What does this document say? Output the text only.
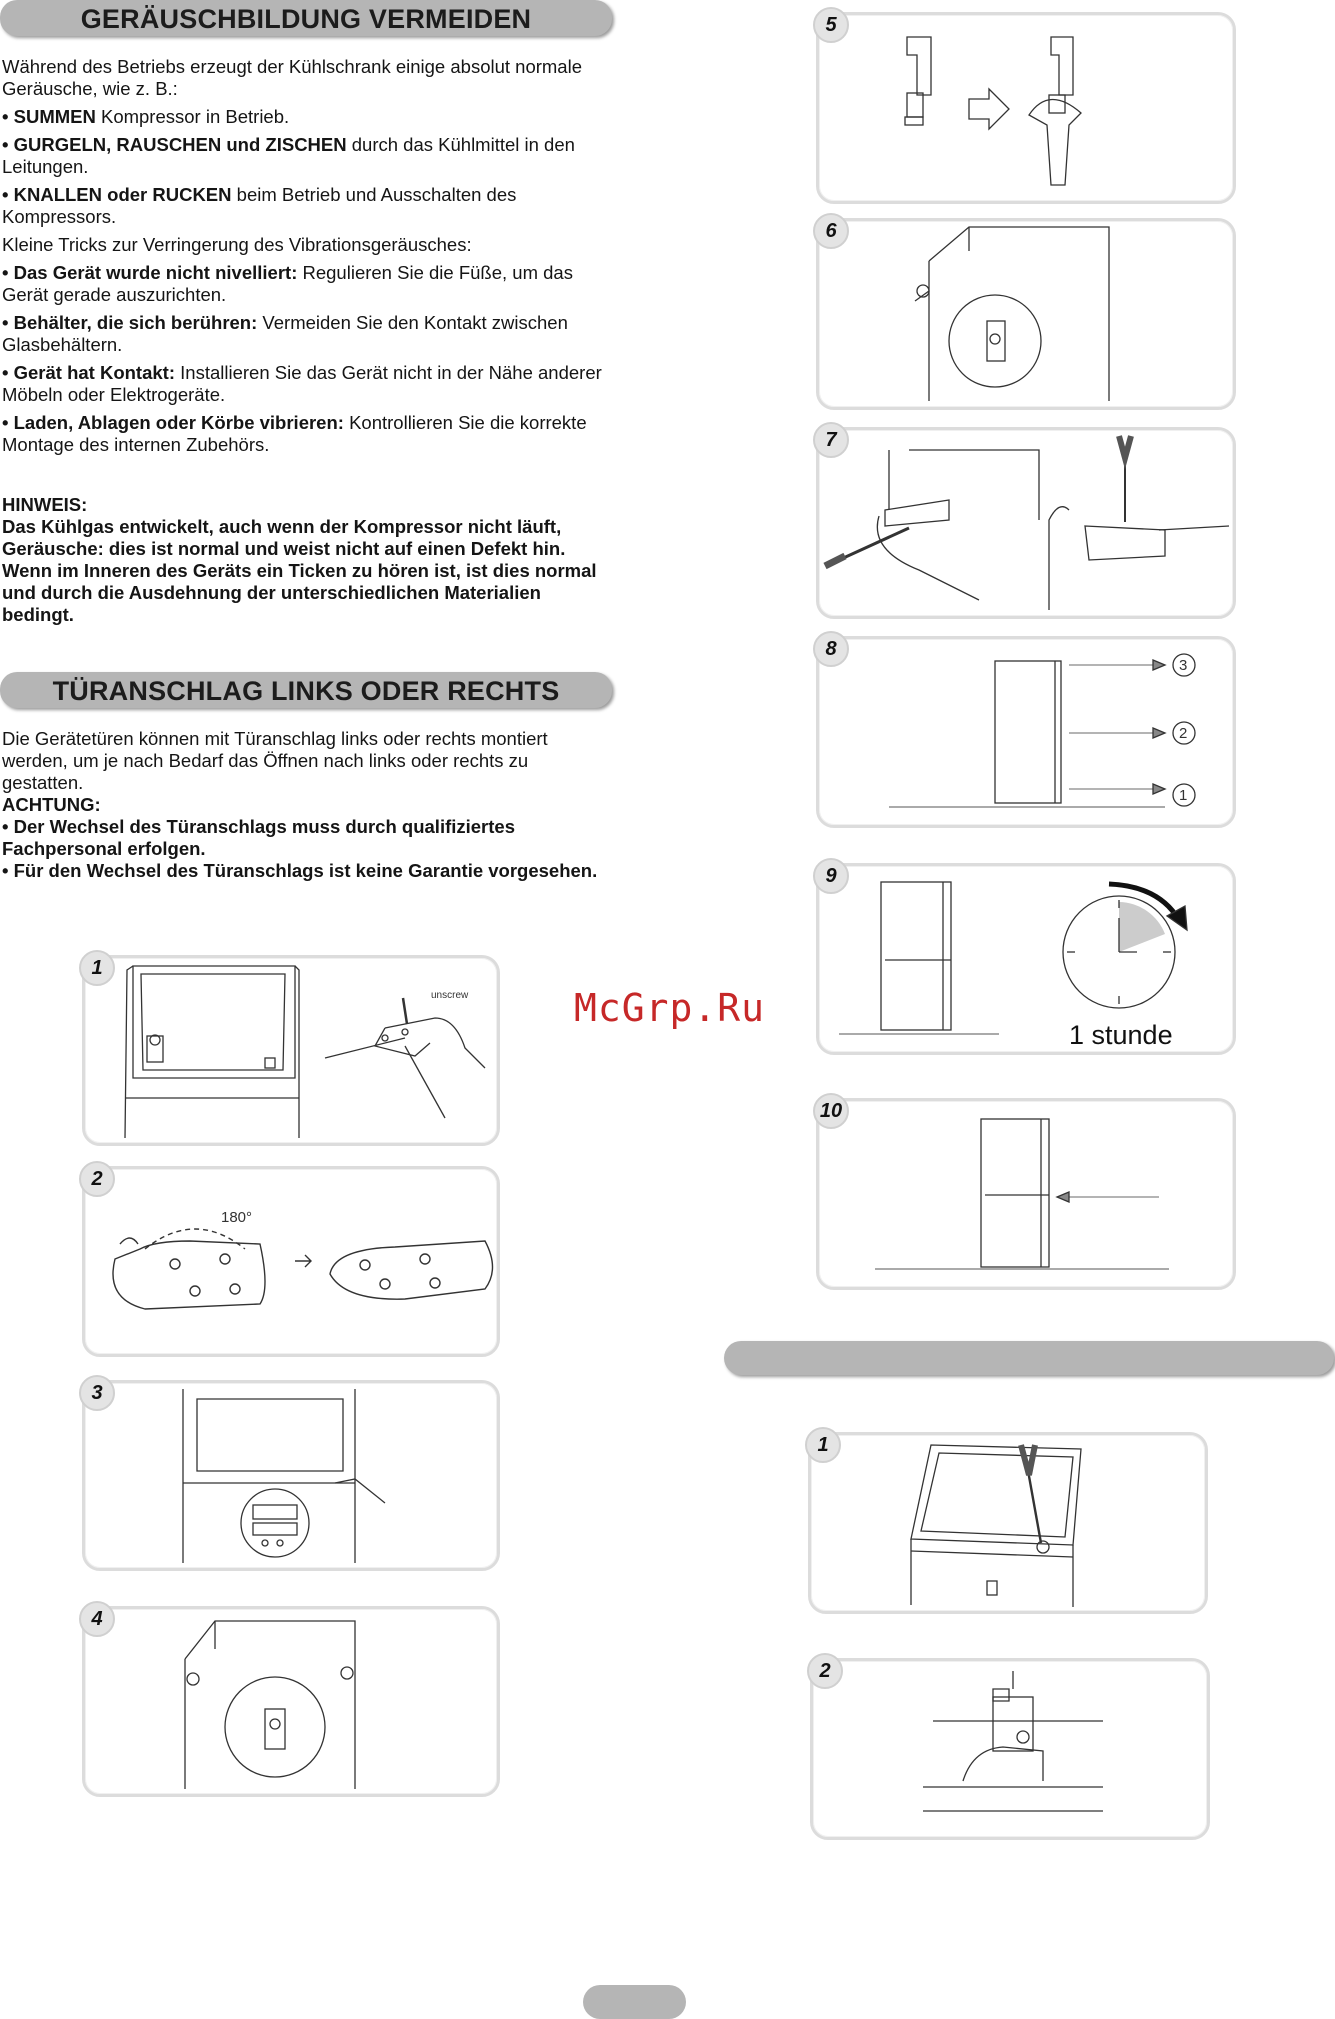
GERÄUSCHBILDUNG VERMEIDEN

Während des Betriebs erzeugt der Kühlschrank einige absolut normale Geräusche, wie z. B.:

• SUMMEN Kompressor in Betrieb.

• GURGELN, RAUSCHEN und ZISCHEN durch das Kühlmittel in den Leitungen.

• KNALLEN oder RUCKEN beim Betrieb und Ausschalten des Kompressors.

Kleine Tricks zur Verringerung des Vibrationsgeräusches:

• Das Gerät wurde nicht nivelliert: Regulieren Sie die Füße, um das Gerät gerade auszurichten.

• Behälter, die sich berühren: Vermeiden Sie den Kontakt zwischen Glasbehältern.

• Gerät hat Kontakt: Installieren Sie das Gerät nicht in der Nähe anderer Möbeln oder Elektrogeräte.

• Laden, Ablagen oder Körbe vibrieren: Kontrollieren Sie die korrekte Montage des internen Zubehörs.

HINWEIS:
Das Kühlgas entwickelt, auch wenn der Kompressor nicht läuft, Geräusche: dies ist normal und weist nicht auf einen Defekt hin. Wenn im Inneren des Geräts ein Ticken zu hören ist, ist dies normal und durch die Ausdehnung der unterschiedlichen Materialien bedingt.
TÜRANSCHLAG LINKS ODER RECHTS
Die Gerätetüren können mit Türanschlag links oder rechts montiert werden, um je nach Bedarf das Öffnen nach links oder rechts zu gestatten.
ACHTUNG:
• Der Wechsel des Türanschlags muss durch qualifiziertes Fachpersonal erfolgen.
• Für den Wechsel des Türanschlags ist keine Garantie vorgesehen.
1
unscrew
2
180°
3
4
5
6
7
8
3
2
1
9
1 stunde
10
1
2
McGrp.Ru
